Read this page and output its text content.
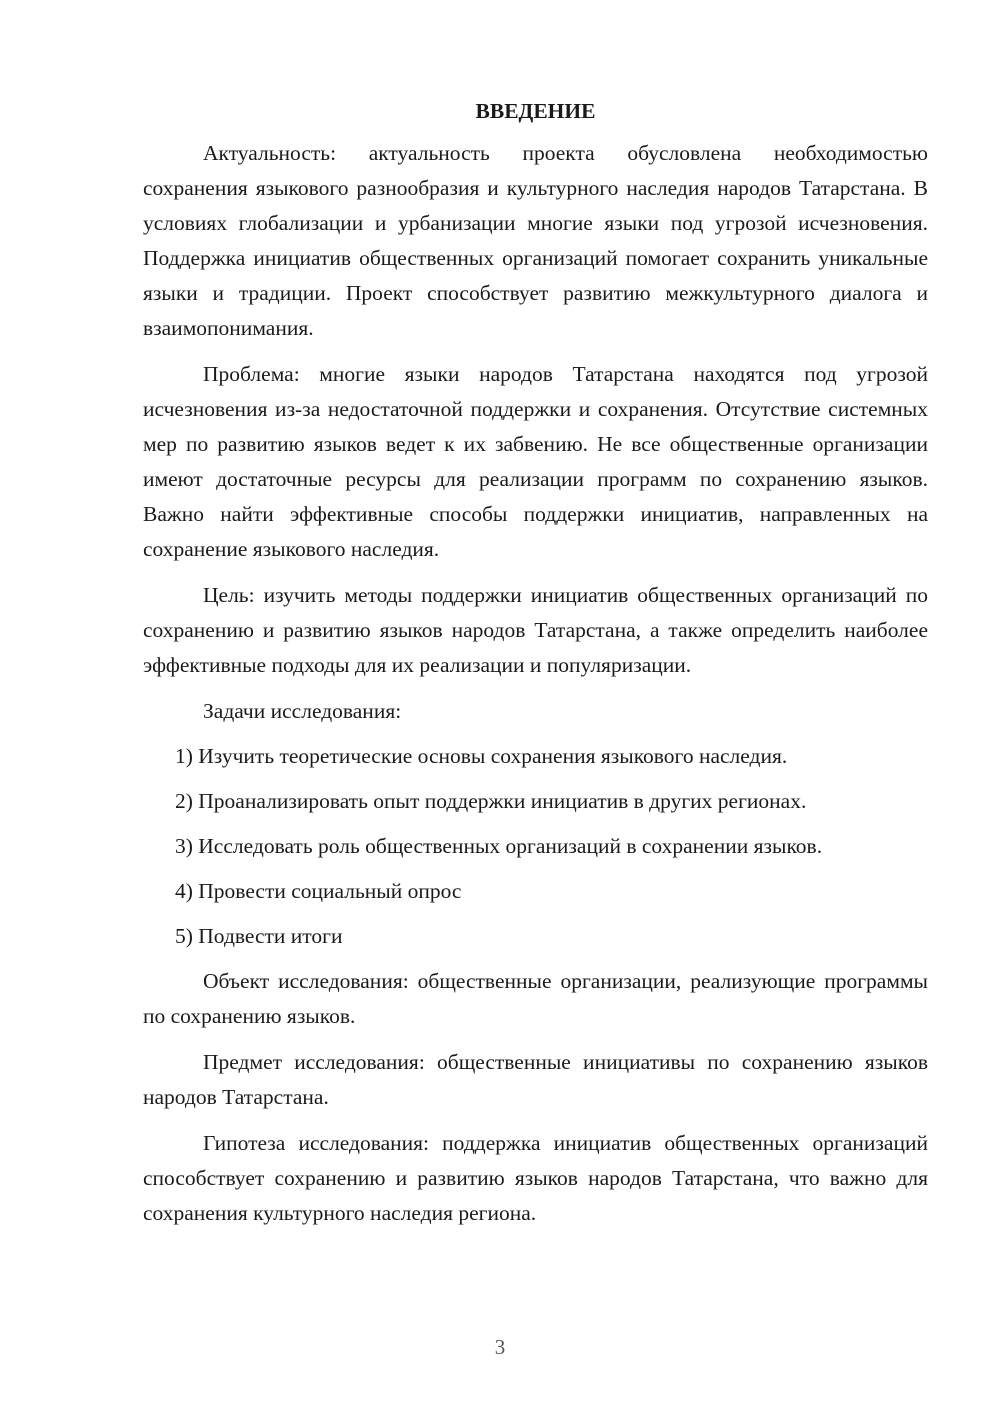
ВВЕДЕНИЕ

Актуальность: актуальность проекта обусловлена необходимостью сохранения языкового разнообразия и культурного наследия народов Татарстана. В условиях глобализации и урбанизации многие языки под угрозой исчезновения. Поддержка инициатив общественных организаций помогает сохранить уникальные языки и традиции. Проект способствует развитию межкультурного диалога и взаимопонимания.

Проблема: многие языки народов Татарстана находятся под угрозой исчезновения из-за недостаточной поддержки и сохранения. Отсутствие системных мер по развитию языков ведет к их забвению. Не все общественные организации имеют достаточные ресурсы для реализации программ по сохранению языков. Важно найти эффективные способы поддержки инициатив, направленных на сохранение языкового наследия.

Цель: изучить методы поддержки инициатив общественных организаций по сохранению и развитию языков народов Татарстана, а также определить наиболее эффективные подходы для их реализации и популяризации.

Задачи исследования:

1) Изучить теоретические основы сохранения языкового наследия.

2) Проанализировать опыт поддержки инициатив в других регионах.

3) Исследовать роль общественных организаций в сохранении языков.

4) Провести социальный опрос

5) Подвести итоги

Объект исследования: общественные организации, реализующие программы по сохранению языков.

Предмет исследования: общественные инициативы по сохранению языков народов Татарстана.

Гипотеза исследования: поддержка инициатив общественных организаций способствует сохранению и развитию языков народов Татарстана, что важно для сохранения культурного наследия региона.

3
